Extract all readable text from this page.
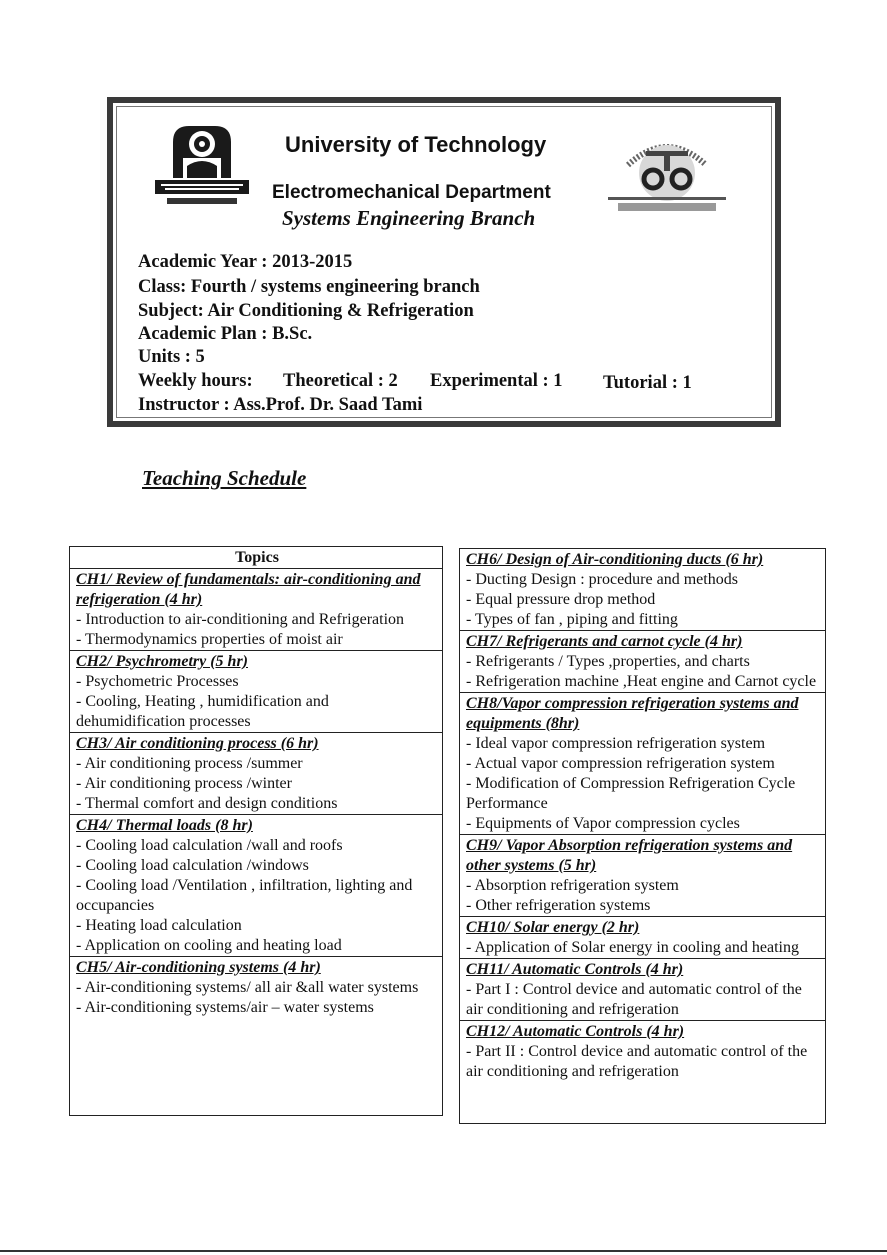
University of Technology
Electromechanical Department
Systems Engineering Branch
Academic Year : 2013-2015
Class: Fourth / systems engineering branch
Subject: Air Conditioning & Refrigeration
Academic Plan : B.Sc.
Units : 5
Weekly hours: Theoretical : 2 Experimental : 1 Tutorial : 1
Instructor : Ass.Prof. Dr. Saad Tami
Teaching Schedule
Topics
CH1/ Review of fundamentals: air-conditioning and refrigeration (4 hr)
- Introduction to air-conditioning and Refrigeration
- Thermodynamics properties of moist air
CH2/ Psychrometry (5 hr)
- Psychometric Processes
- Cooling, Heating , humidification and dehumidification processes
CH3/ Air conditioning process (6 hr)
- Air conditioning process /summer
- Air conditioning process /winter
- Thermal comfort and design conditions
CH4/ Thermal loads (8 hr)
- Cooling load calculation /wall and roofs
- Cooling load calculation /windows
- Cooling load /Ventilation , infiltration, lighting and occupancies
- Heating load calculation
- Application on cooling and heating load
CH5/ Air-conditioning systems (4 hr)
- Air-conditioning systems/ all air &all water systems
- Air-conditioning systems/air – water systems
CH6/ Design of Air-conditioning ducts (6 hr)
- Ducting Design : procedure and methods
- Equal pressure drop method
- Types of fan , piping and fitting
CH7/ Refrigerants and carnot cycle (4 hr)
- Refrigerants / Types ,properties, and charts
- Refrigeration machine ,Heat engine and Carnot cycle
CH8/Vapor compression refrigeration systems and equipments (8hr)
- Ideal vapor compression refrigeration system
- Actual vapor compression refrigeration system
- Modification of Compression Refrigeration Cycle Performance
- Equipments of Vapor compression cycles
CH9/ Vapor Absorption refrigeration systems and other systems (5 hr)
- Absorption refrigeration system
- Other refrigeration systems
CH10/ Solar energy (2 hr)
- Application of Solar energy in cooling and heating
CH11/ Automatic Controls (4 hr)
- Part I : Control device and automatic control of the air conditioning and refrigeration
CH12/ Automatic Controls (4 hr)
- Part II : Control device and automatic control of the air conditioning and refrigeration
